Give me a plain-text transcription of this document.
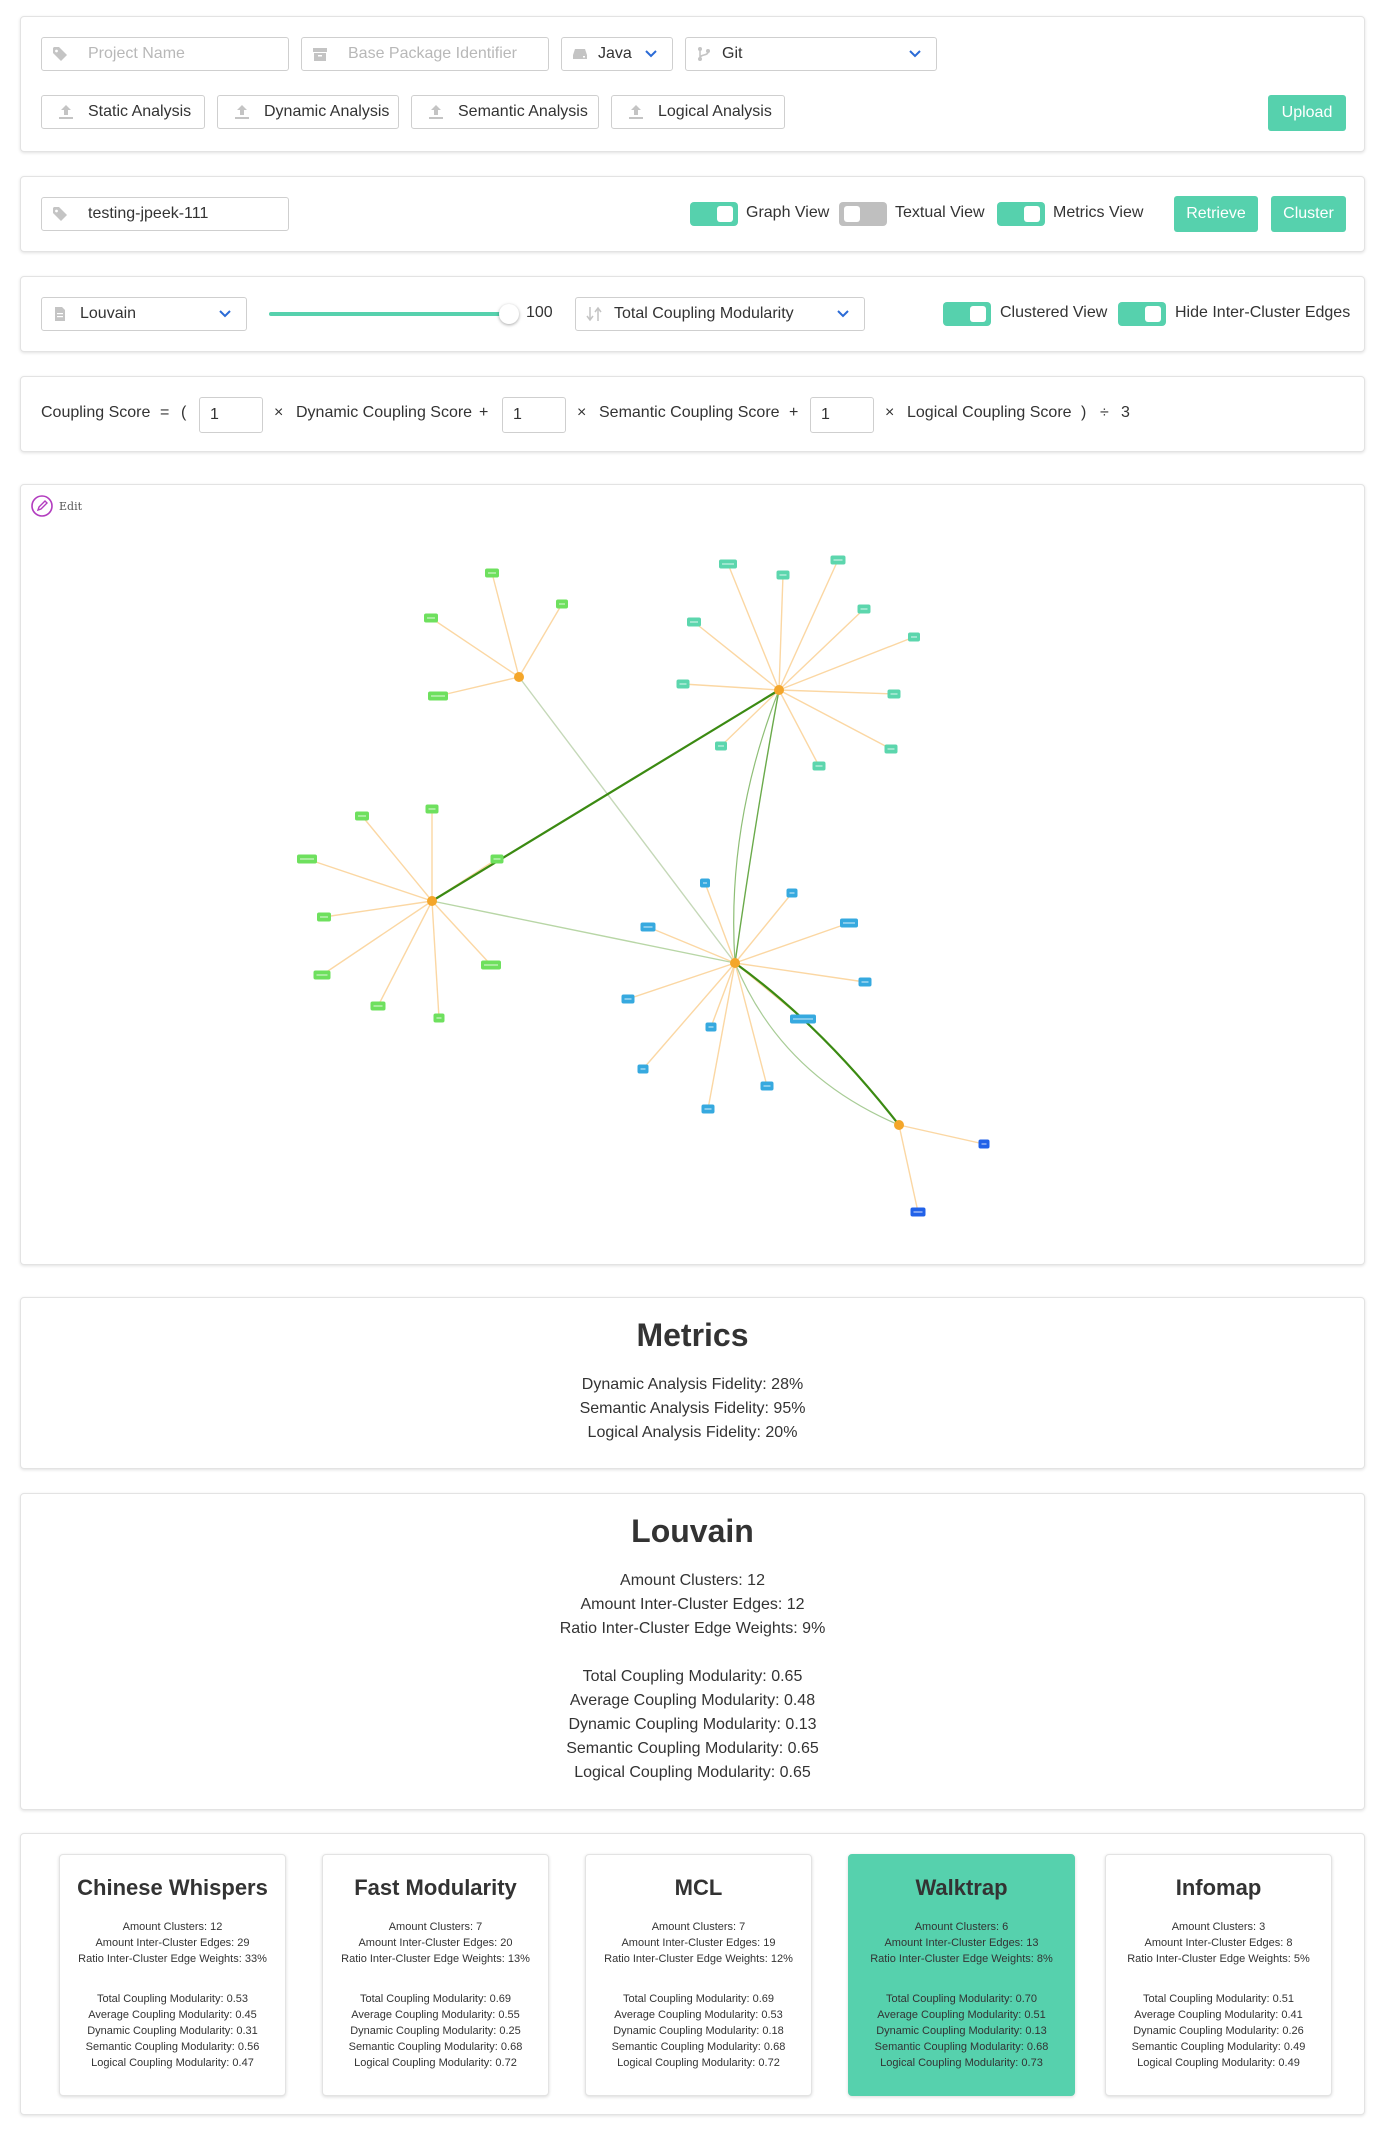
Project Name	Base Package Identifier	Java	Git
Static Analysis	Dynamic Analysis	Semantic Analysis	Logical Analysis	Upload
testing-jpeek-111	Graph View	Textual View	Metrics View	Retrieve	Cluster
Louvain	100	Total Coupling Modularity	Clustered View	Hide Inter-Cluster Edges
Coupling Score = (	1	× Dynamic Coupling Score +	1	× Semantic Coupling Score +	1	× Logical Coupling Score ) ÷ 3
Edit
Metrics
Dynamic Analysis Fidelity: 28%
Semantic Analysis Fidelity: 95%
Logical Analysis Fidelity: 20%
Louvain
Amount Clusters: 12
Amount Inter-Cluster Edges: 12
Ratio Inter-Cluster Edge Weights: 9%
Total Coupling Modularity: 0.65
Average Coupling Modularity: 0.48
Dynamic Coupling Modularity: 0.13
Semantic Coupling Modularity: 0.65
Logical Coupling Modularity: 0.65
Chinese Whispers
Amount Clusters: 12
Amount Inter-Cluster Edges: 29
Ratio Inter-Cluster Edge Weights: 33%
Total Coupling Modularity: 0.53
Average Coupling Modularity: 0.45
Dynamic Coupling Modularity: 0.31
Semantic Coupling Modularity: 0.56
Logical Coupling Modularity: 0.47
Fast Modularity
Amount Clusters: 7
Amount Inter-Cluster Edges: 20
Ratio Inter-Cluster Edge Weights: 13%
Total Coupling Modularity: 0.69
Average Coupling Modularity: 0.55
Dynamic Coupling Modularity: 0.25
Semantic Coupling Modularity: 0.68
Logical Coupling Modularity: 0.72
MCL
Amount Clusters: 7
Amount Inter-Cluster Edges: 19
Ratio Inter-Cluster Edge Weights: 12%
Total Coupling Modularity: 0.69
Average Coupling Modularity: 0.53
Dynamic Coupling Modularity: 0.18
Semantic Coupling Modularity: 0.68
Logical Coupling Modularity: 0.72
Walktrap
Amount Clusters: 6
Amount Inter-Cluster Edges: 13
Ratio Inter-Cluster Edge Weights: 8%
Total Coupling Modularity: 0.70
Average Coupling Modularity: 0.51
Dynamic Coupling Modularity: 0.13
Semantic Coupling Modularity: 0.68
Logical Coupling Modularity: 0.73
Infomap
Amount Clusters: 3
Amount Inter-Cluster Edges: 8
Ratio Inter-Cluster Edge Weights: 5%
Total Coupling Modularity: 0.51
Average Coupling Modularity: 0.41
Dynamic Coupling Modularity: 0.26
Semantic Coupling Modularity: 0.49
Logical Coupling Modularity: 0.49
